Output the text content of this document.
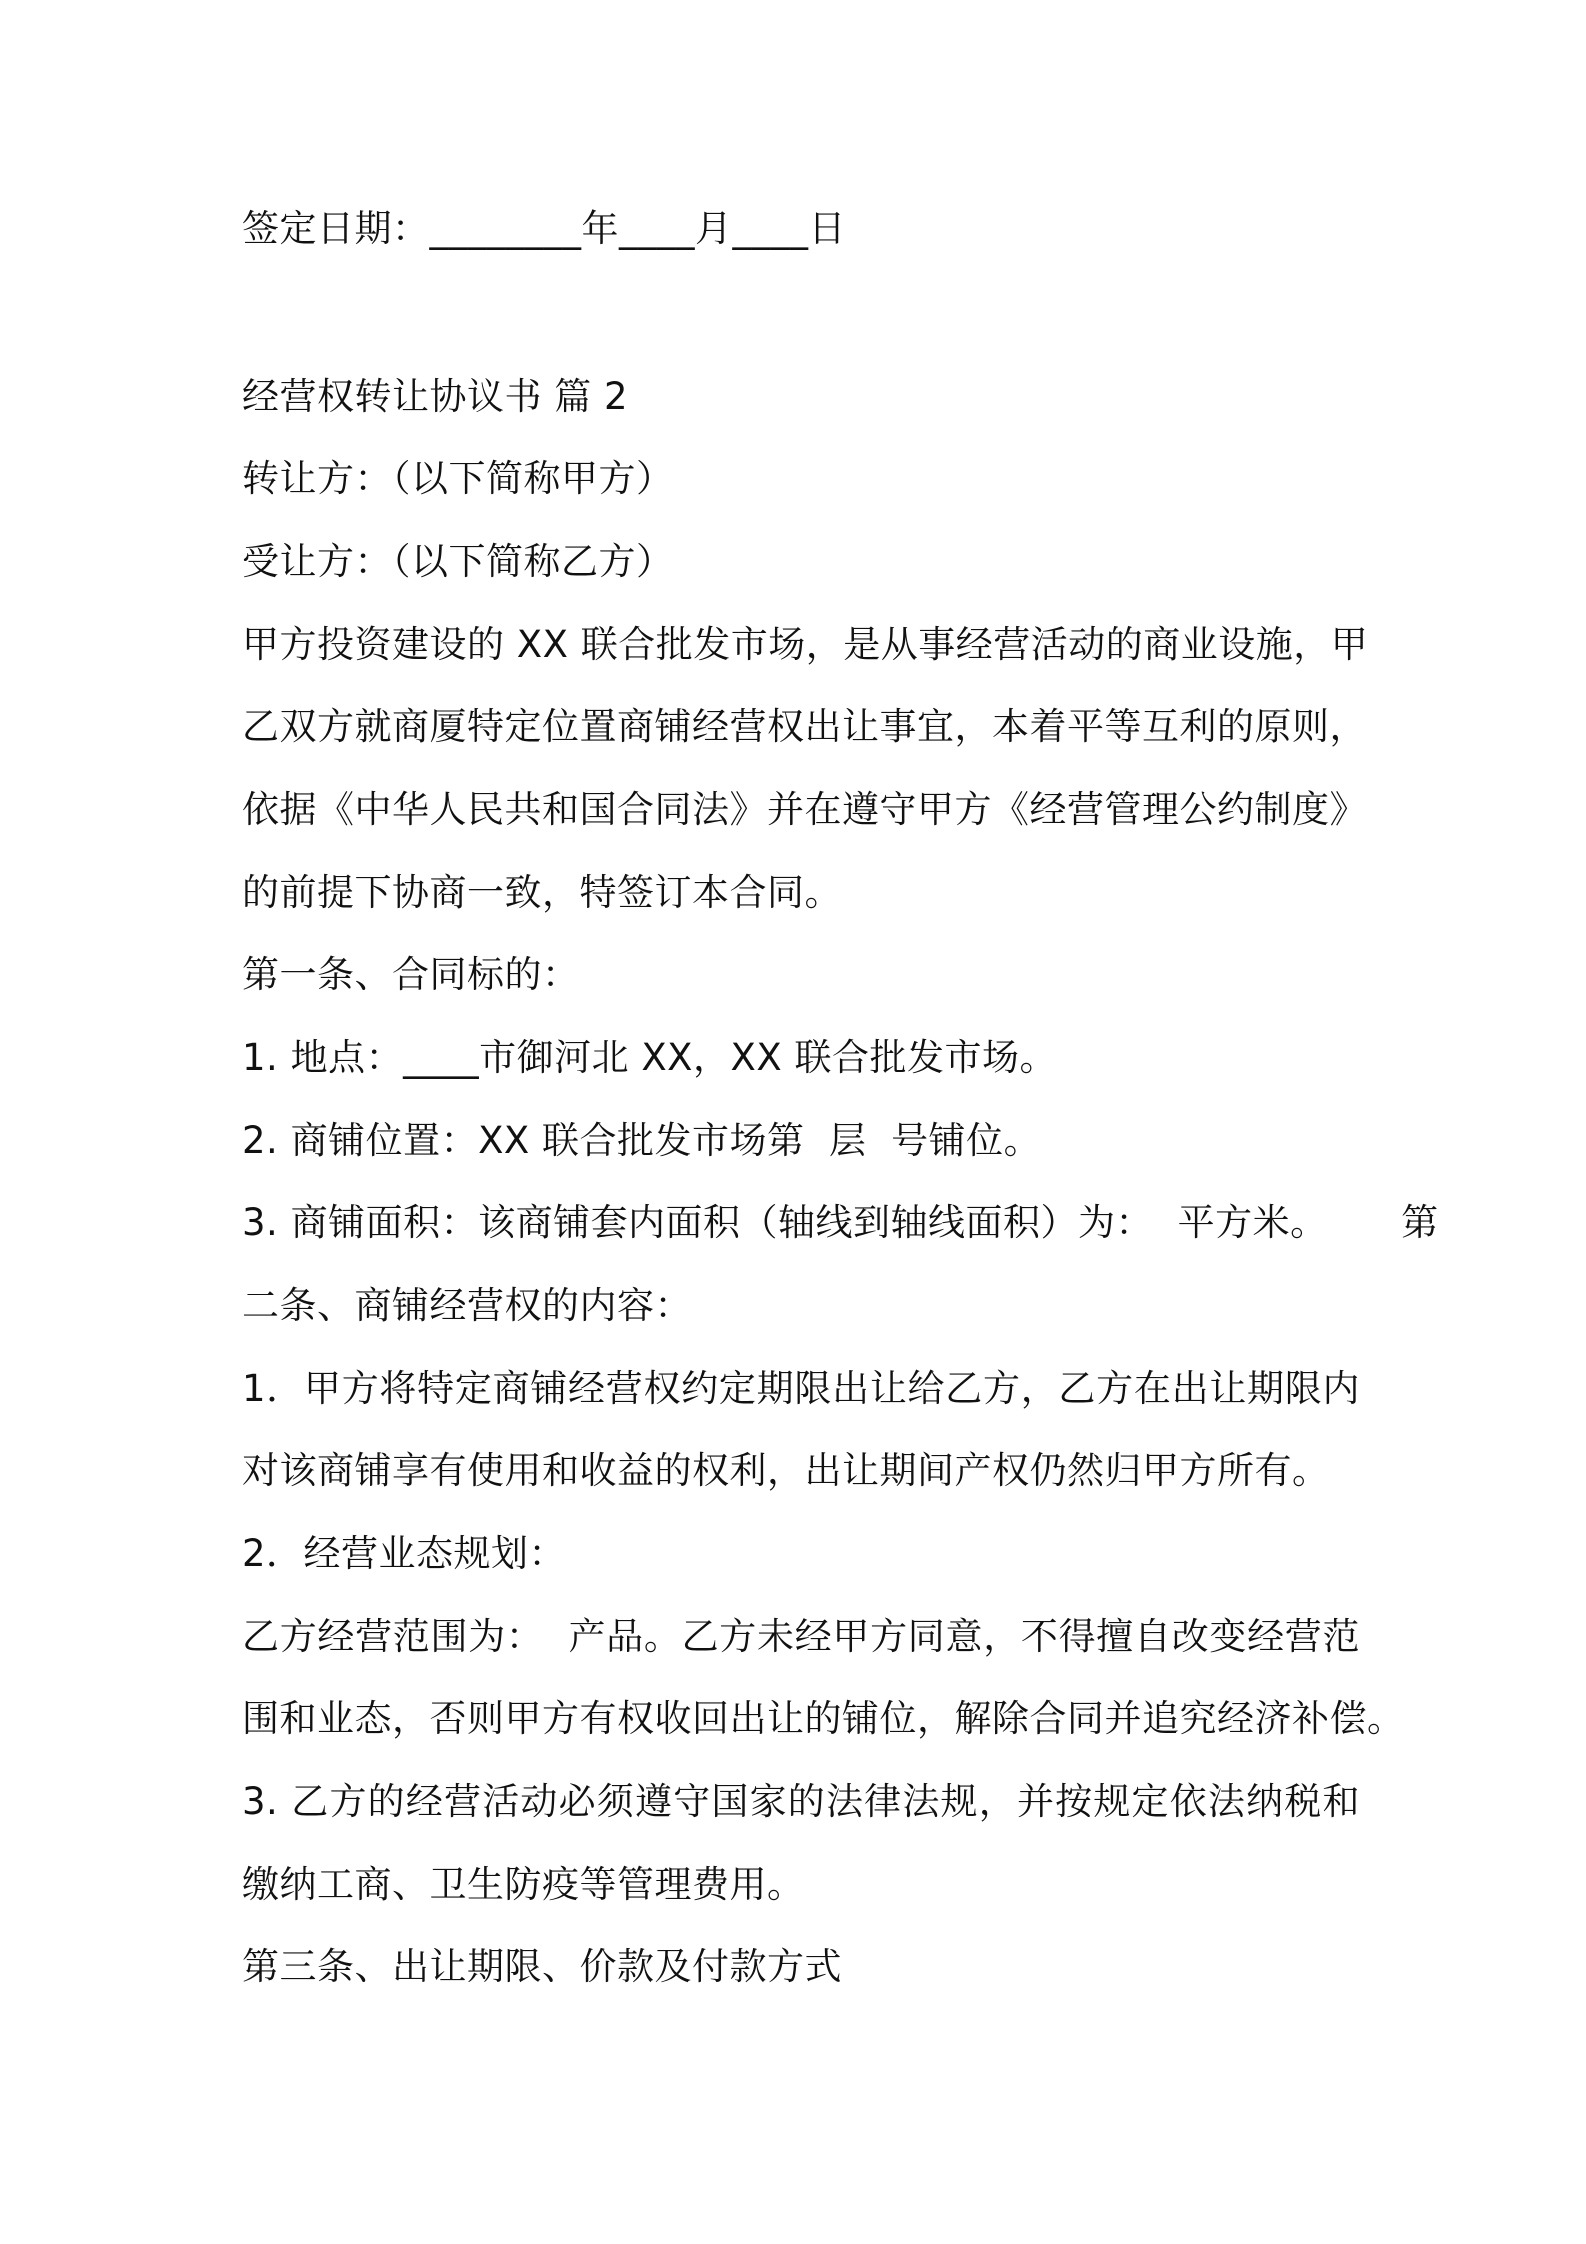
签定日期：________年____月____日
经营权转让协议书 篇 2
转让方：（以下简称甲方）
受让方：（以下简称乙方）
甲方投资建设的 XX 联合批发市场，是从事经营活动的商业设施，甲
乙双方就商厦特定位置商铺经营权出让事宜，本着平等互利的原则，
依据《中华人民共和国合同法》并在遵守甲方《经营管理公约制度》
的前提下协商一致，特签订本合同。
第一条、合同标的：
1. 地点：____市御河北 XX，XX 联合批发市场。
2. 商铺位置：XX 联合批发市场第  层  号铺位。
3. 商铺面积：该商铺套内面积（轴线到轴线面积）为：  平方米。      第
二条、商铺经营权的内容：
1．甲方将特定商铺经营权约定期限出让给乙方，乙方在出让期限内
对该商铺享有使用和收益的权利，出让期间产权仍然归甲方所有。
2．经营业态规划：
乙方经营范围为：  产品。乙方未经甲方同意，不得擅自改变经营范
围和业态，否则甲方有权收回出让的铺位，解除合同并追究经济补偿。
3. 乙方的经营活动必须遵守国家的法律法规，并按规定依法纳税和
缴纳工商、卫生防疫等管理费用。
第三条、出让期限、价款及付款方式
